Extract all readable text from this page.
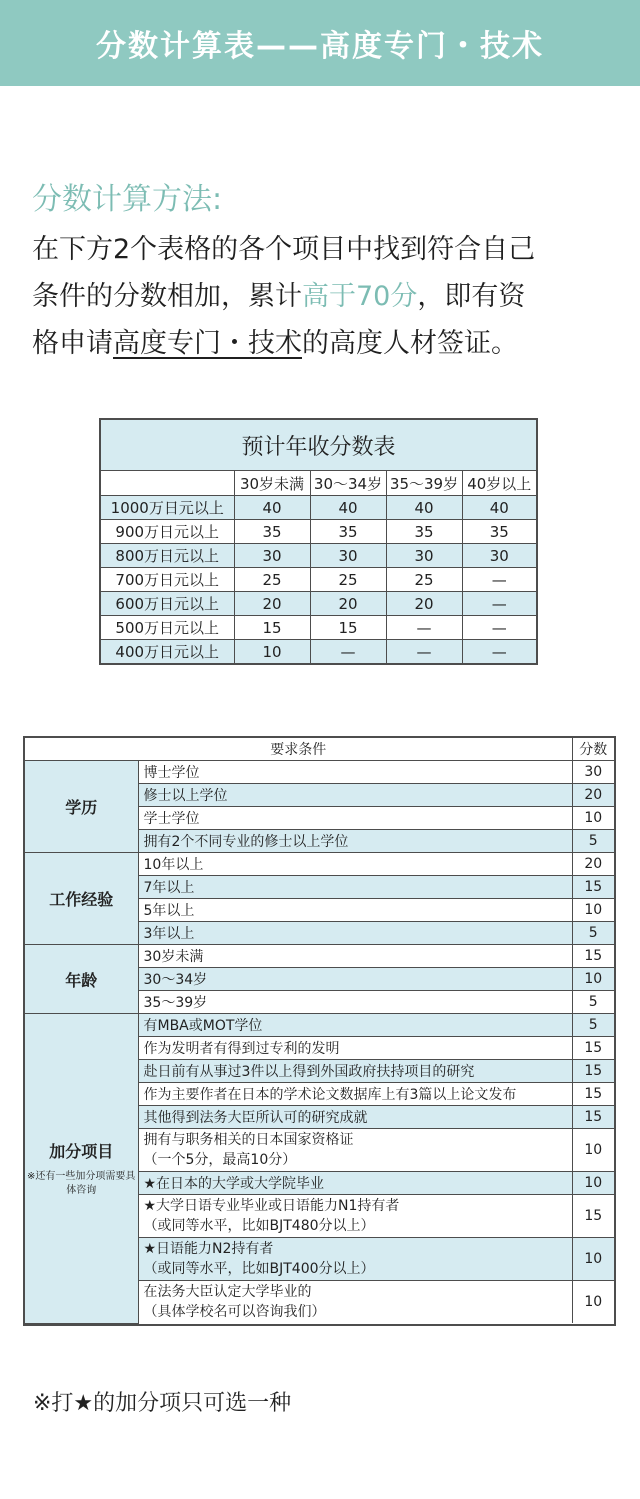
分数计算表——高度专门・技术
分数计算方法:
在下方2个表格的各个项目中找到符合自己
条件的分数相加，累计高于70分，即有资
格申请高度专门・技术的高度人材签证。
预计年收分数表
	30岁未满	30～34岁	35～39岁	40岁以上
1000万日元以上	40	40	40	40
900万日元以上	35	35	35	35
800万日元以上	30	30	30	30
700万日元以上	25	25	25	—
600万日元以上	20	20	20	—
500万日元以上	15	15	—	—
400万日元以上	10	—	—	—
要求条件		分数
学历	博士学位	30

	修士以上学位	20

	学士学位	10

	拥有2个不同专业的修士以上学位	5
工作经验	10年以上	20

	7年以上	15

	5年以上	10

	3年以上	5
年龄	30岁未满	15

	30～34岁	10

	35～39岁	5
加分项目
※还有一些加分项需要具体咨询	有MBA或MOT学位	5

	作为发明者有得到过专利的发明	15

	赴日前有从事过3件以上得到外国政府扶持项目的研究	15

	作为主要作者在日本的学术论文数据库上有3篇以上论文发布	15

	其他得到法务大臣所认可的研究成就	15

	拥有与职务相关的日本国家资格证
（一个5分，最高10分）	10

	★在日本的大学或大学院毕业	10

	★大学日语专业毕业或日语能力N1持有者
（或同等水平，比如BJT480分以上）	15

	★日语能力N2持有者
（或同等水平，比如BJT400分以上）	10

	在法务大臣认定大学毕业的
（具体学校名可以咨询我们）	10
※打★的加分项只可选一种
